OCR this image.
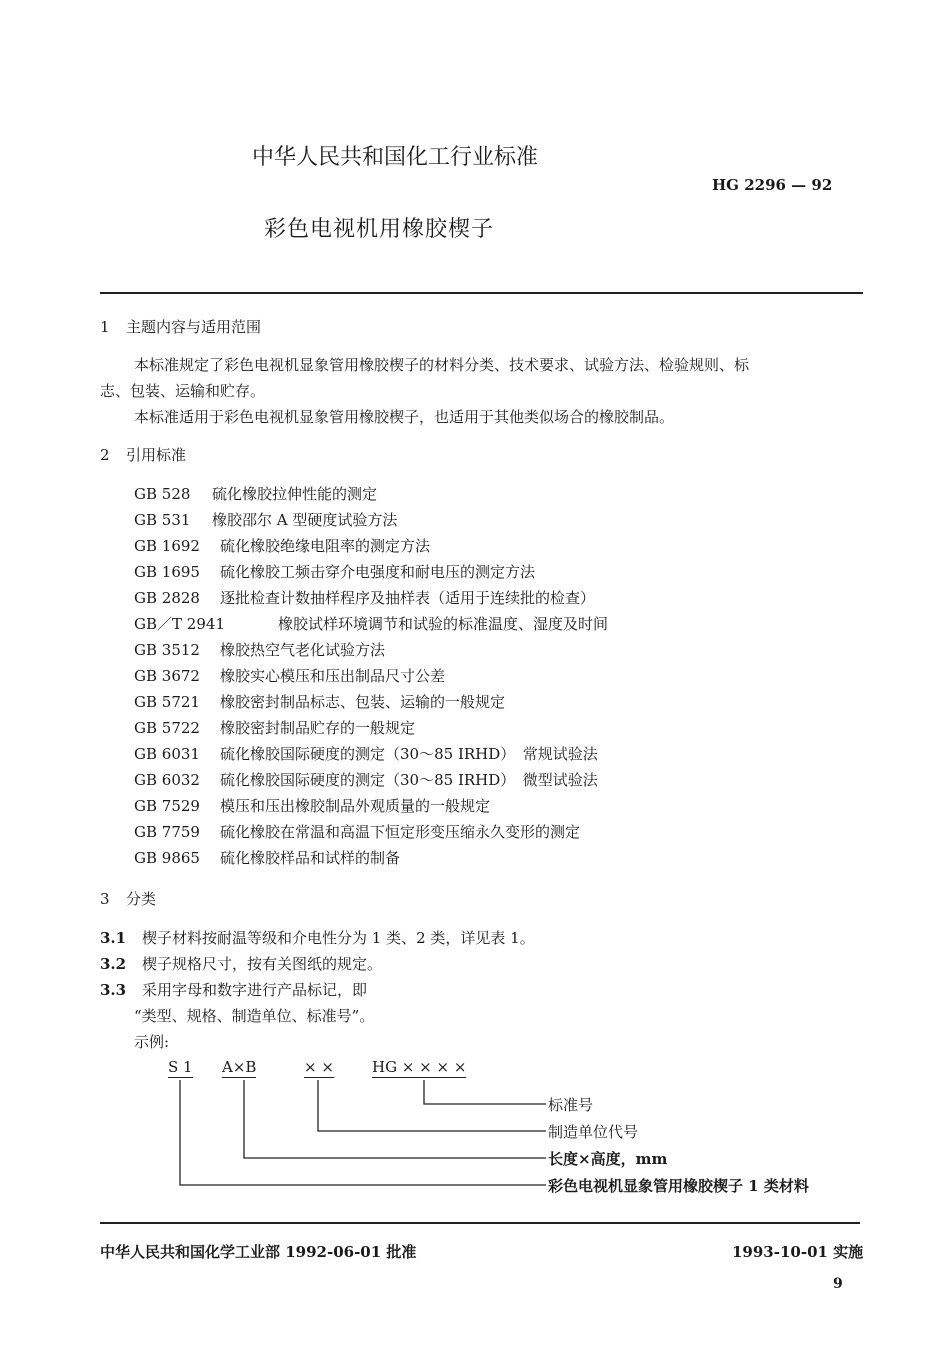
中华人民共和国化工行业标准
HG 2296 — 92
彩色电视机用橡胶楔子
1 主题内容与适用范围
本标准规定了彩色电视机显象管用橡胶楔子的材料分类、技术要求、试验方法、检验规则、标
志、包装、运输和贮存。
本标准适用于彩色电视机显象管用橡胶楔子，也适用于其他类似场合的橡胶制品。
2 引用标准
GB 528 硫化橡胶拉伸性能的测定
GB 531 橡胶邵尔 A 型硬度试验方法
GB 1692 硫化橡胶绝缘电阻率的测定方法
GB 1695 硫化橡胶工频击穿介电强度和耐电压的测定方法
GB 2828 逐批检查计数抽样程序及抽样表（适用于连续批的检查）
GB／T 2941	橡胶试样环境调节和试验的标准温度、湿度及时间
GB 3512 橡胶热空气老化试验方法
GB 3672 橡胶实心模压和压出制品尺寸公差
GB 5721 橡胶密封制品标志、包装、运输的一般规定
GB 5722 橡胶密封制品贮存的一般规定
GB 6031 硫化橡胶国际硬度的测定（30～85 IRHD）　常规试验法
GB 6032 硫化橡胶国际硬度的测定（30～85 IRHD）　微型试验法
GB 7529 模压和压出橡胶制品外观质量的一般规定
GB 7759 硫化橡胶在常温和高温下恒定形变压缩永久变形的测定
GB 9865 硫化橡胶样品和试样的制备
3 分类
3.1 楔子材料按耐温等级和介电性分为 1 类、2 类，详见表 1。
3.2 楔子规格尺寸，按有关图纸的规定。
3.3 采用字母和数字进行产品标记，即
“类型、规格、制造单位、标准号”。
示例:
S 1 A×B	× ×	HG × × × ×
标准号
制造单位代号
长度×高度，mm
彩色电视机显象管用橡胶楔子 1 类材料
中华人民共和国化学工业部 1992-06-01 批准	1993-10-01 实施
9
